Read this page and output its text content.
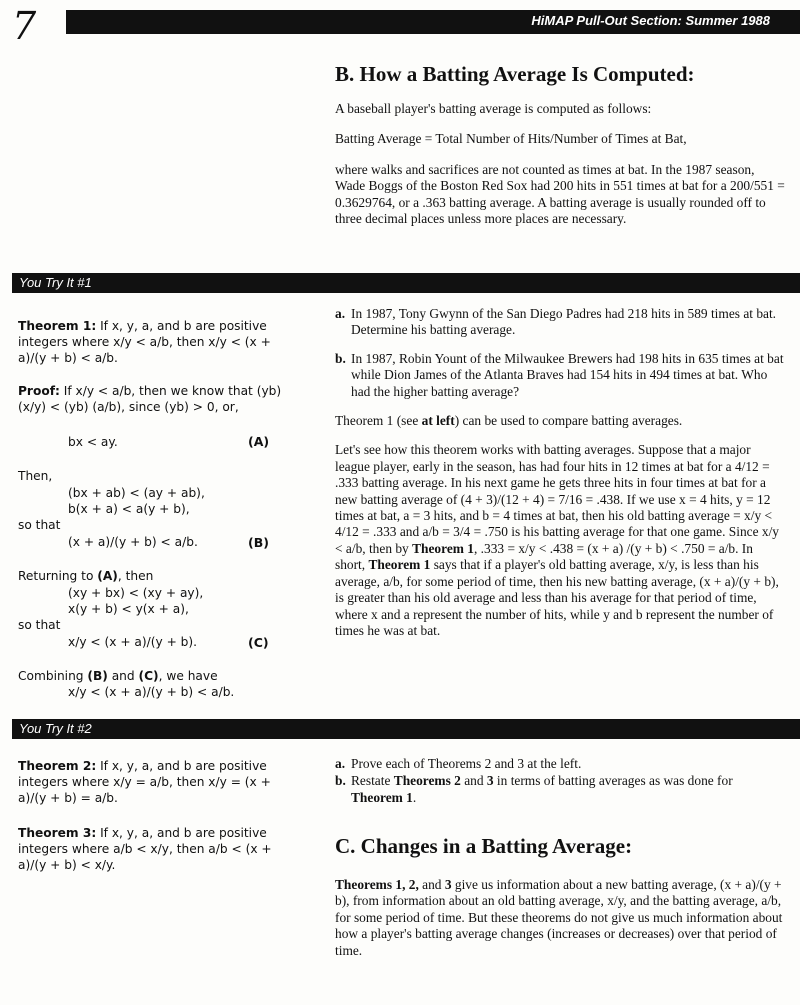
7	HiMAP Pull-Out Section: Summer 1988
B. How a Batting Average Is Computed:

A baseball player's batting average is computed as follows:

Batting Average = Total Number of Hits/Number of Times at Bat,

where walks and sacrifices are not counted as times at bat. In the 1987 season, Wade Boggs of the Boston Red Sox had 200 hits in 551 times at bat for a 200/551 = 0.3629764, or a .363 batting average. A batting average is usually rounded off to three decimal places unless more places are necessary.

You Try It #1
Theorem 1: If x, y, a, and b are positive integers where x/y < a/b, then x/y < (x + a)/(y + b) < a/b.
Proof: If x/y < a/b, then we know that (yb) (x/y) < (yb) (a/b), since (yb) > 0, or,
bx < ay.	(A)
Then,
(bx + ab) < (ay + ab),
b(x + a) < a(y + b),
so that
(x + a)/(y + b) < a/b.	(B)
Returning to (A), then
(xy + bx) < (xy + ay),
x(y + b) < y(x + a),
so that
x/y < (x + a)/(y + b).	(C)
Combining (B) and (C), we have
x/y < (x + a)/(y + b) < a/b.

a. In 1987, Tony Gwynn of the San Diego Padres had 218 hits in 589 times at bat. Determine his batting average.

b. In 1987, Robin Yount of the Milwaukee Brewers had 198 hits in 635 times at bat while Dion James of the Atlanta Braves had 154 hits in 494 times at bat. Who had the higher batting average?

Theorem 1 (see at left) can be used to compare batting averages.

Let's see how this theorem works with batting averages. Suppose that a major league player, early in the season, has had four hits in 12 times at bat for a 4/12 = .333 batting average. In his next game he gets three hits in four times at bat for a new batting average of (4 + 3)/(12 + 4) = 7/16 = .438. If we use x = 4 hits, y = 12 times at bat, a = 3 hits, and b = 4 times at bat, then his old batting average = x/y < 4/12 = .333 and a/b = 3/4 = .750 is his batting average for that one game. Since x/y < a/b, then by Theorem 1, .333 = x/y < .438 = (x + a) /(y + b) < .750 = a/b. In short, Theorem 1 says that if a player's old batting average, x/y, is less than his average, a/b, for some period of time, then his new batting average, (x + a)/(y + b), is greater than his old average and less than his average for that period of time, where x and a represent the number of hits, while y and b represent the number of times he was at bat.

You Try It #2
Theorem 2: If x, y, a, and b are positive integers where x/y = a/b, then x/y = (x + a)/(y + b) = a/b.
Theorem 3: If x, y, a, and b are positive integers where a/b < x/y, then a/b < (x + a)/(y + b) < x/y.

a. Prove each of Theorems 2 and 3 at the left.

b. Restate Theorems 2 and 3 in terms of batting averages as was done for Theorem 1.

C. Changes in a Batting Average:

Theorems 1, 2, and 3 give us information about a new batting average, (x + a)/(y + b), from information about an old batting average, x/y, and the batting average, a/b, for some period of time. But these theorems do not give us much information about how a player's batting average changes (increases or decreases) over that period of time.
